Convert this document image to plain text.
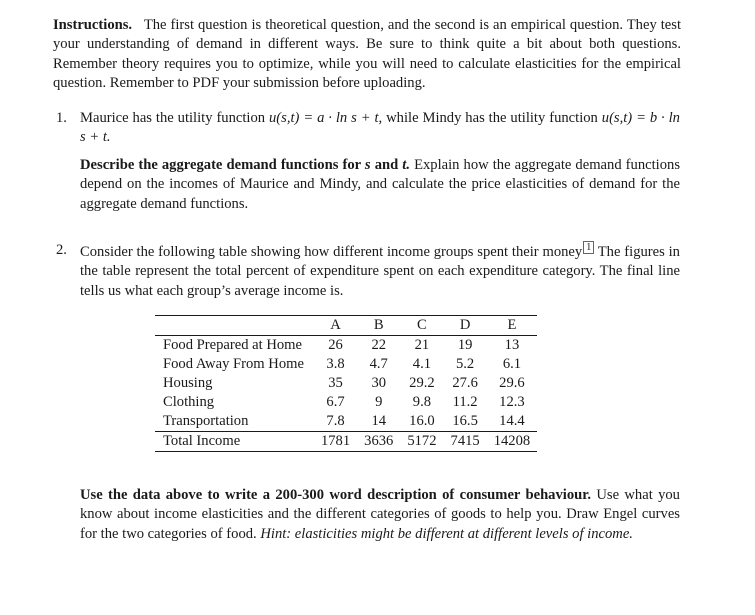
Instructions. The first question is theoretical question, and the second is an empirical question. They test your understanding of demand in different ways. Be sure to think quite a bit about both questions. Remember theory requires you to optimize, while you will need to calculate elasticities for the empirical question. Remember to PDF your submission before uploading.
1. Maurice has the utility function u(s,t) = a · ln s + t, while Mindy has the utility function u(s,t) = b · ln s + t.
Describe the aggregate demand functions for s and t. Explain how the aggregate demand functions depend on the incomes of Maurice and Mindy, and calculate the price elasticities of demand for the aggregate demand functions.
2. Consider the following table showing how different income groups spent their money 1 The figures in the table represent the total percent of expenditure spent on each expenditure category. The final line tells us what each group’s average income is.
	A	B	C	D	E
Food Prepared at Home	26	22	21	19	13
Food Away From Home	3.8	4.7	4.1	5.2	6.1
Housing	35	30	29.2	27.6	29.6
Clothing	6.7	9	9.8	11.2	12.3
Transportation	7.8	14	16.0	16.5	14.4
Total Income	1781	3636	5172	7415	14208
Use the data above to write a 200-300 word description of consumer behaviour. Use what you know about income elasticities and the different categories of goods to help you. Draw Engel curves for the two categories of food. Hint: elasticities might be different at different levels of income.
